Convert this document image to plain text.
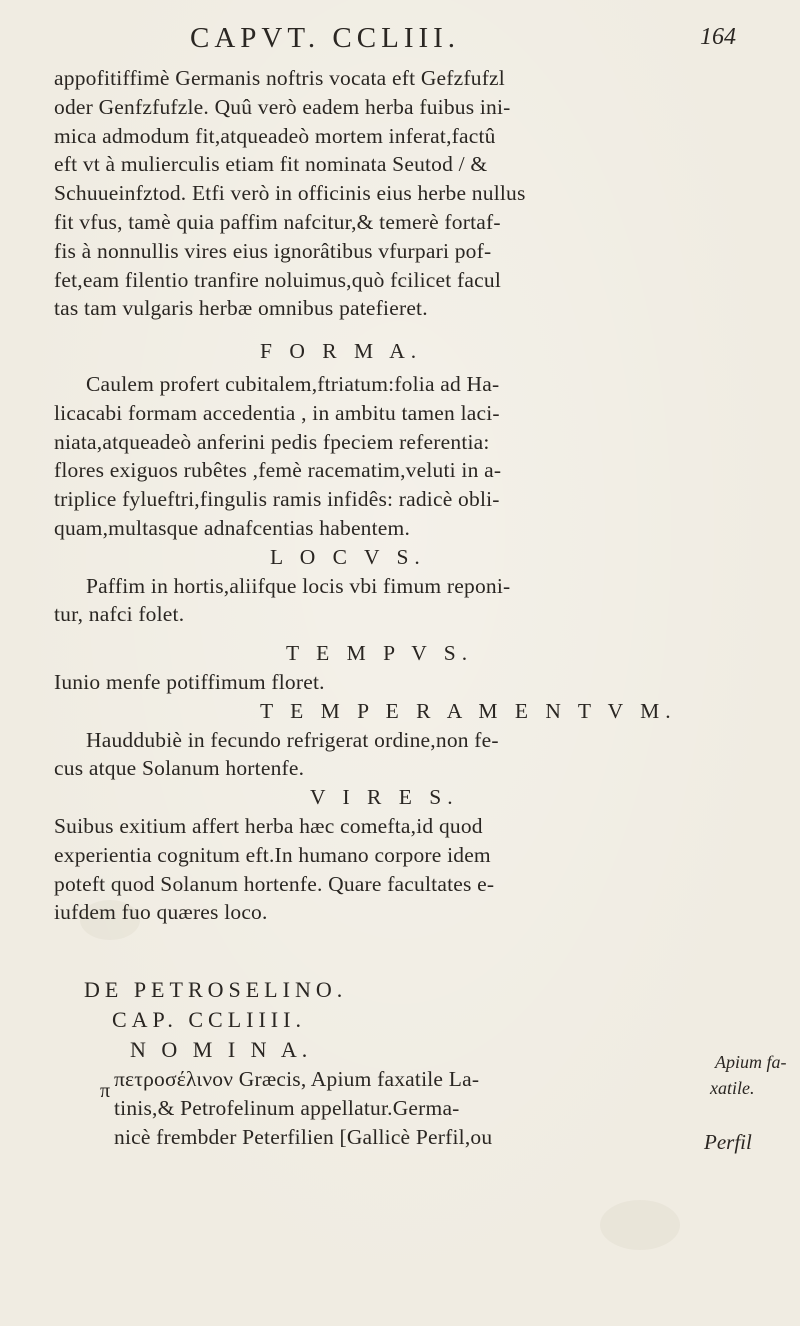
CAPVT. CCLIII.	164
appofitiffimè Germanis noftris vocata eft Gefzfufzl
oder Genfzfufzle. Quû verò eadem herba fuibus ini-
mica admodum fit,atqueadeò mortem inferat,factû
eft vt à mulierculis etiam fit nominata Seutod / &
Schuueinfztod. Etfi verò in officinis eius herbe nullus
fit vfus, tamè quia paffim nafcitur,& temerè fortaf-
fis à nonnullis vires eius ignorâtibus vfurpari pof-
fet,eam filentio tranfire noluimus,quò fcilicet facul
tas tam vulgaris herbæ omnibus patefieret.
F O R M A.
Caulem profert cubitalem,ftriatum:folia ad Ha-
licacabi formam accedentia , in ambitu tamen laci-
niata,atqueadeò anferini pedis fpeciem referentia:
flores exiguos rubêtes ,femè racematim,veluti in a-
triplice fylueftri,fingulis ramis infidês: radicè obli-
quam,multasque adnafcentias habentem.
L O C V S.
Paffim in hortis,aliifque locis vbi fimum reponi-
tur, nafci folet.
T E M P V S.
Iunio menfe potiffimum floret.
T E M P E R A M E N T V M.
Hauddubiè in fecundo refrigerat ordine,non fe-
cus atque Solanum hortenfe.
V I R E S.
Suibus exitium affert herba hæc comefta,id quod
experientia cognitum eft.In humano corpore idem
poteft quod Solanum hortenfe. Quare facultates e-
iufdem fuo quæres loco.
DE PETROSELINO.
CAP. CCLIIII.
N O M I N A.
πετροσέλινον Græcis, Apium faxatile La-
tinis,& Petrofelinum appellatur.Germa-
nicè frembder Peterfilien [Gallicè Perfil,ou
π
Apium fa-
xatile.
Perfil
